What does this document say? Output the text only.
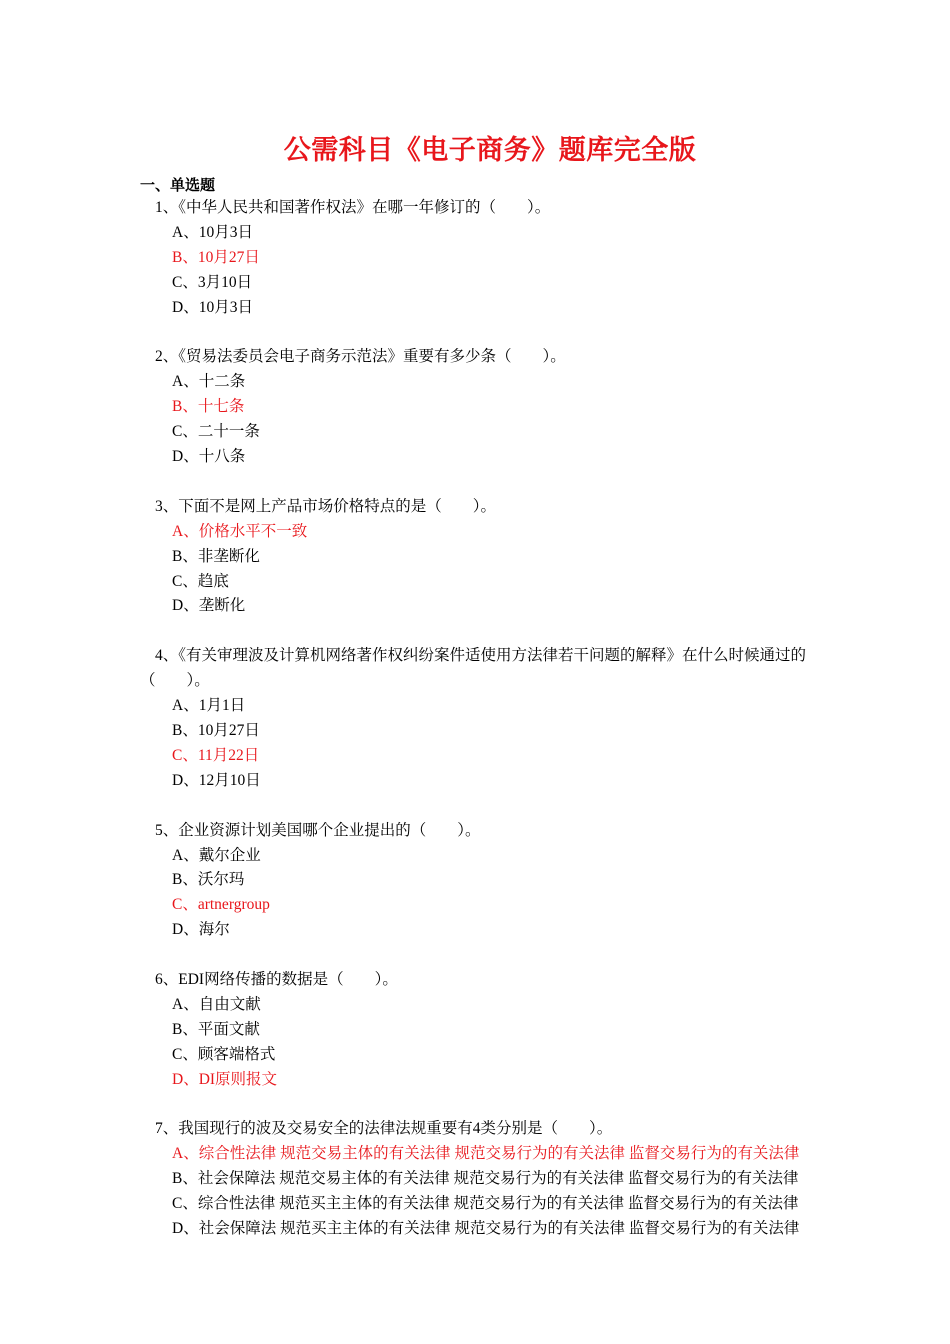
公需科目《电子商务》题库完全版
一、单选题
1、《中华人民共和国著作权法》在哪一年修订的（　　）。
A、10月3日
B、10月27日
C、3月10日
D、10月3日
2、《贸易法委员会电子商务示范法》重要有多少条（　　）。
A、十二条
B、十七条
C、二十一条
D、十八条
3、下面不是网上产品市场价格特点的是（　　）。
A、价格水平不一致
B、非垄断化
C、趋底
D、垄断化
4、《有关审理波及计算机网络著作权纠纷案件适使用方法律若干问题的解释》在什么时候通过的（　　）。
A、1月1日
B、10月27日
C、11月22日
D、12月10日
5、企业资源计划美国哪个企业提出的（　　）。
A、戴尔企业
B、沃尔玛
C、artnergroup
D、海尔
6、EDI网络传播的数据是（　　）。
A、自由文献
B、平面文献
C、顾客端格式
D、DI原则报文
7、我国现行的波及交易安全的法律法规重要有4类分别是（　　）。
A、综合性法律 规范交易主体的有关法律 规范交易行为的有关法律 监督交易行为的有关法律
B、社会保障法 规范交易主体的有关法律 规范交易行为的有关法律 监督交易行为的有关法律
C、综合性法律 规范买主主体的有关法律 规范交易行为的有关法律 监督交易行为的有关法律
D、社会保障法 规范买主主体的有关法律 规范交易行为的有关法律 监督交易行为的有关法律
